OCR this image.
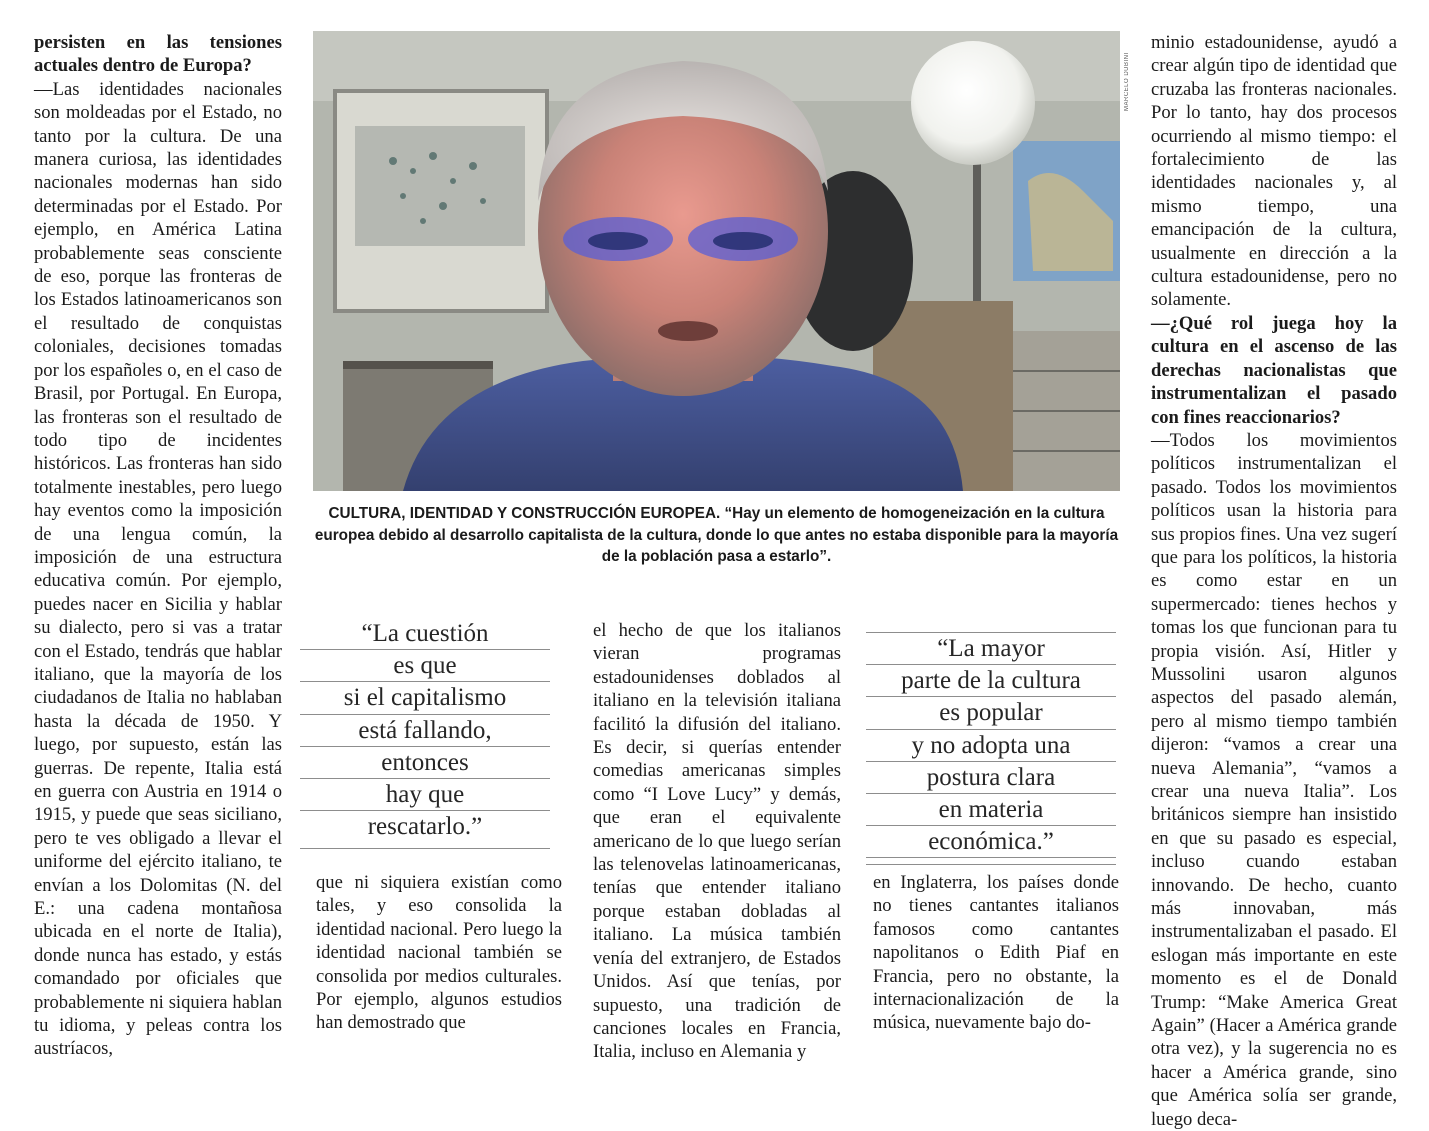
persisten en las tensiones actuales dentro de Europa?

—Las identidades nacionales son moldeadas por el Estado, no tanto por la cultura. De una manera curiosa, las identidades nacionales modernas han sido determinadas por el Estado. Por ejemplo, en América Latina probablemente seas consciente de eso, porque las fronteras de los Estados latinoamericanos son el resultado de conquistas coloniales, decisiones tomadas por los españoles o, en el caso de Brasil, por Portugal. En Europa, las fronteras son el resultado de todo tipo de incidentes históricos. Las fronteras han sido totalmente inestables, pero luego hay eventos como la imposición de una lengua común, la imposición de una estructura educativa común. Por ejemplo, puedes nacer en Sicilia y hablar su dialecto, pero si vas a tratar con el Estado, tendrás que hablar italiano, que la mayoría de los ciudadanos de Italia no hablaban hasta la década de 1950. Y luego, por supuesto, están las guerras. De repente, Italia está en guerra con Austria en 1914 o 1915, y puede que seas siciliano, pero te ves obligado a llevar el uniforme del ejército italiano, te envían a los Dolomitas (N. del E.: una cadena montañosa ubicada en el norte de Italia), donde nunca has estado, y estás comandado por oficiales que probablemente ni siquiera hablan tu idioma, y peleas contra los austríacos,

MARCELO DUBINI
CULTURA, IDENTIDAD Y CONSTRUCCIÓN EUROPEA. “Hay un elemento de homogeneización en la cultura europea debido al desarrollo capitalista de la cultura, donde lo que antes no estaba disponible para la mayoría de la población pasa a estarlo”.
“La cuestión
es que
si el capitalismo
está fallando,
entonces
hay que
rescatarlo.”
“La mayor
parte de la cultura
es popular
y no adopta una
postura clara
en materia
económica.”
que ni siquiera existían como tales, y eso consolida la identidad nacional. Pero luego la identidad nacional también se consolida por medios culturales. Por ejemplo, algunos estudios han demostrado que
el hecho de que los italianos vieran programas estadounidenses doblados al italiano en la televisión italiana facilitó la difusión del italiano. Es decir, si querías entender comedias americanas simples como “I Love Lucy” y demás, que eran el equivalente americano de lo que luego serían las telenovelas latinoamericanas, tenías que entender italiano porque estaban dobladas al italiano. La música también venía del extranjero, de Estados Unidos. Así que tenías, por supuesto, una tradición de canciones locales en Francia, Italia, incluso en Alemania y
en Inglaterra, los países donde no tienes cantantes italianos famosos como cantantes napolitanos o Edith Piaf en Francia, pero no obstante, la internacionalización de la música, nuevamente bajo do-

minio estadounidense, ayudó a crear algún tipo de identidad que cruzaba las fronteras nacionales. Por lo tanto, hay dos procesos ocurriendo al mismo tiempo: el fortalecimiento de las identidades nacionales y, al mismo tiempo, una emancipación de la cultura, usualmente en dirección a la cultura estadounidense, pero no solamente.

—¿Qué rol juega hoy la cultura en el ascenso de las derechas nacionalistas que instrumentalizan el pasado con fines reaccionarios?

—Todos los movimientos políticos instrumentalizan el pasado. Todos los movimientos políticos usan la historia para sus propios fines. Una vez sugerí que para los políticos, la historia es como estar en un supermercado: tienes hechos y tomas los que funcionan para tu propia visión. Así, Hitler y Mussolini usaron algunos aspectos del pasado alemán, pero al mismo tiempo también dijeron: “vamos a crear una nueva Alemania”, “vamos a crear una nueva Italia”. Los británicos siempre han insistido en que su pasado es especial, incluso cuando estaban innovando. De hecho, cuanto más innovaban, más instrumentalizaban el pasado. El eslogan más importante en este momento es el de Donald Trump: “Make America Great Again” (Hacer a América grande otra vez), y la sugerencia no es hacer a América grande, sino que América solía ser grande, luego deca-
